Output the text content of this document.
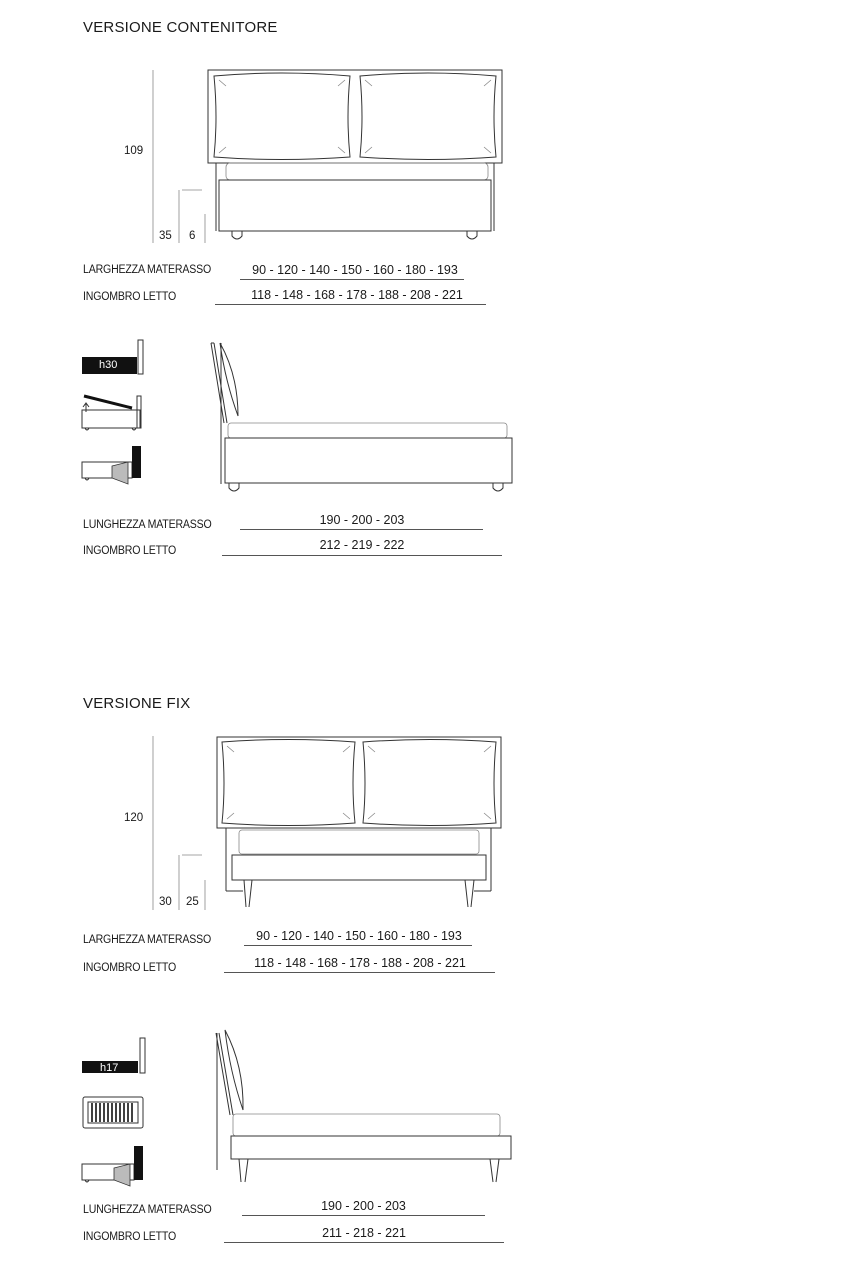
VERSIONE CONTENITORE
109
35 6
LARGHEZZA MATERASSO	90 - 120 - 140 - 150 - 160 - 180 - 193
INGOMBRO LETTO	118 - 148 - 168 - 178 - 188 - 208 - 221
h30
LUNGHEZZA MATERASSO	190 - 200 - 203
INGOMBRO LETTO	212 - 219 - 222
VERSIONE FIX
120
30 25
LARGHEZZA MATERASSO	90 - 120 - 140 - 150 - 160 - 180 - 193
INGOMBRO LETTO	118 - 148 - 168 - 178 - 188 - 208 - 221
h17
LUNGHEZZA MATERASSO	190 - 200 - 203
INGOMBRO LETTO	211 - 218 - 221
